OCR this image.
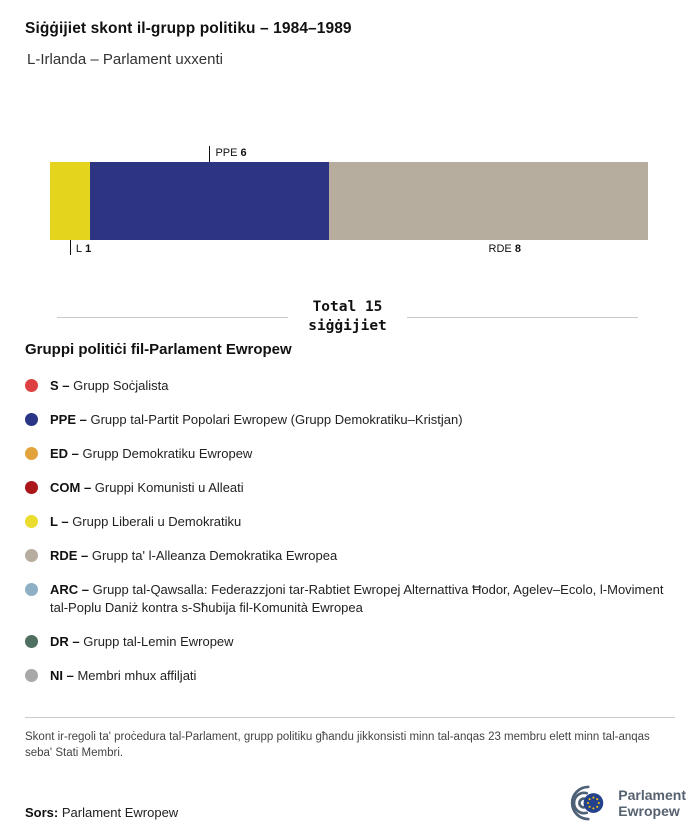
Siġġijiet skont il-grupp politiku – 1984–1989
L-Irlanda – Parlament uxxenti
PPE 6
L 1	RDE 8
Total 15
siġġijiet
Gruppi politiċi fil-Parlament Ewropew
S – Grupp Soċjalista
PPE – Grupp tal-Partit Popolari Ewropew (Grupp Demokratiku–Kristjan)
ED – Grupp Demokratiku Ewropew
COM – Gruppi Komunisti u Alleati
L – Grupp Liberali u Demokratiku
RDE – Grupp ta' l-Alleanza Demokratika Ewropea
ARC – Grupp tal-Qawsalla: Federazzjoni tar-Rabtiet Ewropej Alternattiva Ħodor, Agelev–Ecolo, l-Moviment tal-Poplu Daniż kontra s-Sħubija fil-Komunità Ewropea
DR – Grupp tal-Lemin Ewropew
NI – Membri mhux affiljati
Skont ir-regoli ta' proċedura tal-Parlament, grupp politiku għandu jikkonsisti minn tal-anqas 23 membru elett minn tal-anqas seba' Stati Membri.
Sors: Parlament Ewropew
Parlament
Ewropew
